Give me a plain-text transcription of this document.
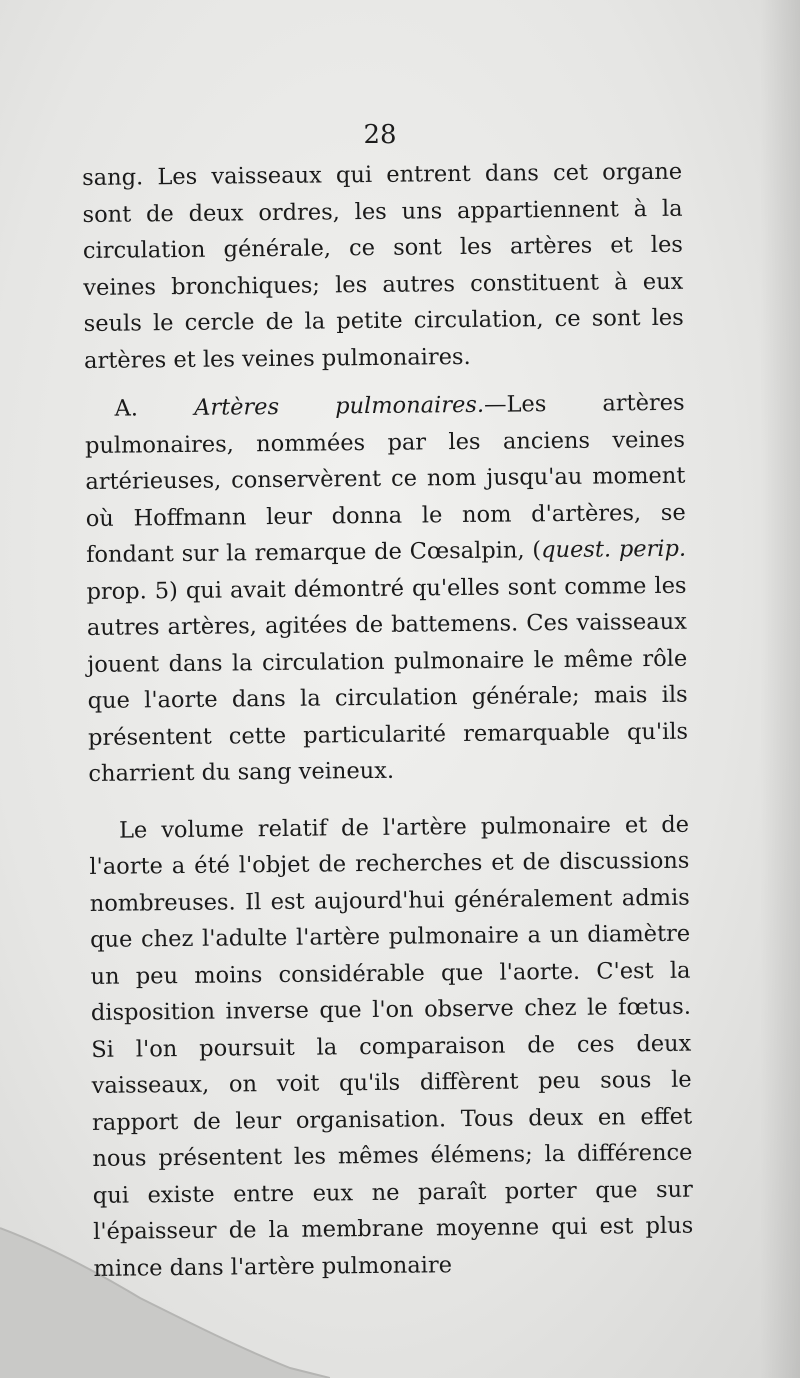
28

sang. Les vaisseaux qui entrent dans cet organe sont de deux ordres, les uns appartiennent à la circulation générale, ce sont les artères et les veines bronchiques; les autres constituent à eux seuls le cercle de la petite circulation, ce sont les artères et les veines pulmonaires.

A. Artères pulmonaires.—Les artères pulmonaires, nommées par les anciens veines artérieuses, conservèrent ce nom jusqu'au moment où Hoffmann leur donna le nom d'artères, se fondant sur la remarque de Cœsalpin, (quest. perip. prop. 5) qui avait démontré qu'elles sont comme les autres artères, agitées de battemens. Ces vaisseaux jouent dans la circulation pulmonaire le même rôle que l'aorte dans la circulation générale; mais ils présentent cette particularité remarquable qu'ils charrient du sang veineux.

Le volume relatif de l'artère pulmonaire et de l'aorte a été l'objet de recherches et de discussions nombreuses. Il est aujourd'hui généralement admis que chez l'adulte l'artère pulmonaire a un diamètre un peu moins considérable que l'aorte. C'est la disposition inverse que l'on observe chez le fœtus. Si l'on poursuit la comparaison de ces deux vaisseaux, on voit qu'ils diffèrent peu sous le rapport de leur organisation. Tous deux en effet nous présentent les mêmes élémens; la différence qui existe entre eux ne paraît porter que sur l'épaisseur de la membrane moyenne qui est plus mince dans l'artère pulmonaire
